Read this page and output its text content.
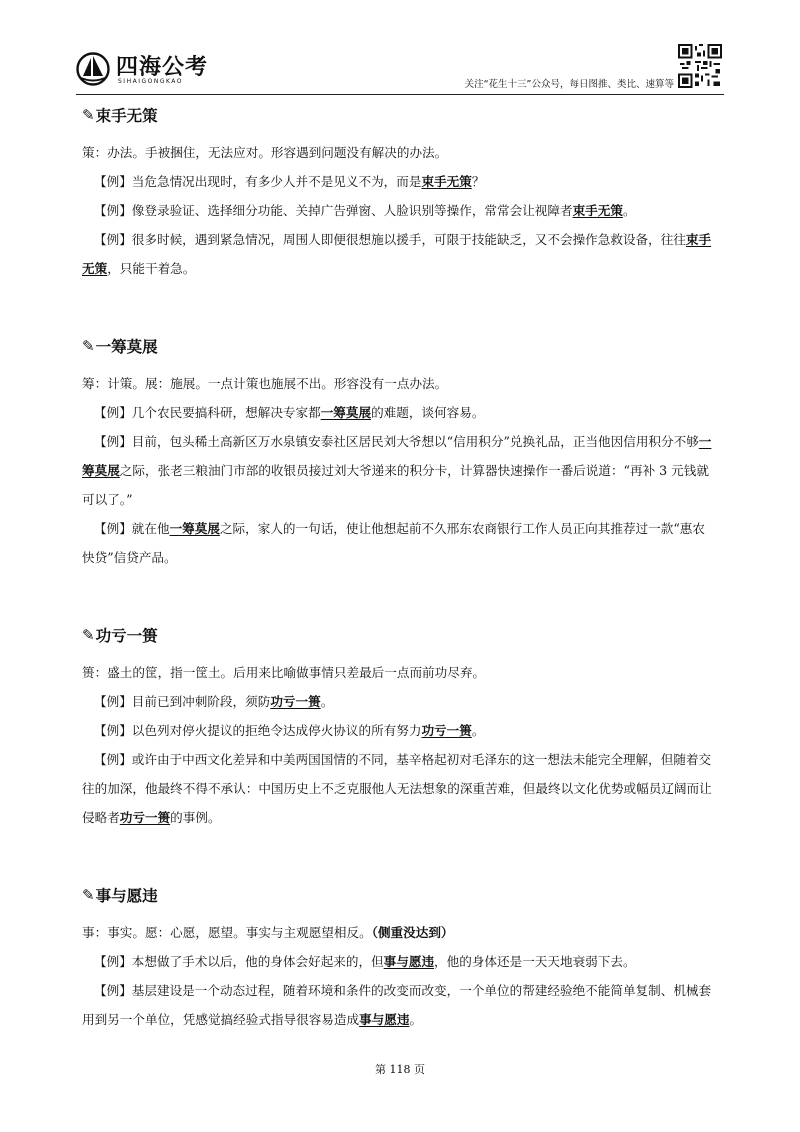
四海公考
SIHAIGONGKAO	关注“花生十三”公众号，每日图推、类比、速算等
✎ 束手无策

策：办法。手被捆住，无法应对。形容遇到问题没有解决的办法。

【例】当危急情况出现时，有多少人并不是见义不为，而是束手无策？

【例】像登录验证、选择细分功能、关掉广告弹窗、人脸识别等操作，常常会让视障者束手无策。

【例】很多时候，遇到紧急情况，周围人即便很想施以援手，可限于技能缺乏，又不会操作急救设备，往往束手无策，只能干着急。

✎ 一筹莫展

筹：计策。展：施展。一点计策也施展不出。形容没有一点办法。

【例】几个农民要搞科研，想解决专家都一筹莫展的难题，谈何容易。

【例】目前，包头稀土高新区万水泉镇安泰社区居民刘大爷想以“信用积分”兑换礼品，正当他因信用积分不够一筹莫展之际，张老三粮油门市部的收银员接过刘大爷递来的积分卡，计算器快速操作一番后说道：“再补 3 元钱就可以了。”

【例】就在他一筹莫展之际，家人的一句话，使让他想起前不久邢东农商银行工作人员正向其推荐过一款“惠农快贷”信贷产品。

✎ 功亏一篑

篑：盛土的筐，指一筐土。后用来比喻做事情只差最后一点而前功尽弃。

【例】目前已到冲刺阶段，须防功亏一篑。

【例】以色列对停火提议的拒绝令达成停火协议的所有努力功亏一篑。

【例】或许由于中西文化差异和中美两国国情的不同，基辛格起初对毛泽东的这一想法未能完全理解，但随着交往的加深，他最终不得不承认：中国历史上不乏克服他人无法想象的深重苦难，但最终以文化优势或幅员辽阔而让侵略者功亏一篑的事例。

✎ 事与愿违

事：事实。愿：心愿，愿望。事实与主观愿望相反。（侧重没达到）

【例】本想做了手术以后，他的身体会好起来的，但事与愿违，他的身体还是一天天地衰弱下去。

【例】基层建设是一个动态过程，随着环境和条件的改变而改变，一个单位的帮建经验绝不能简单复制、机械套用到另一个单位，凭感觉搞经验式指导很容易造成事与愿违。

第 118 页
